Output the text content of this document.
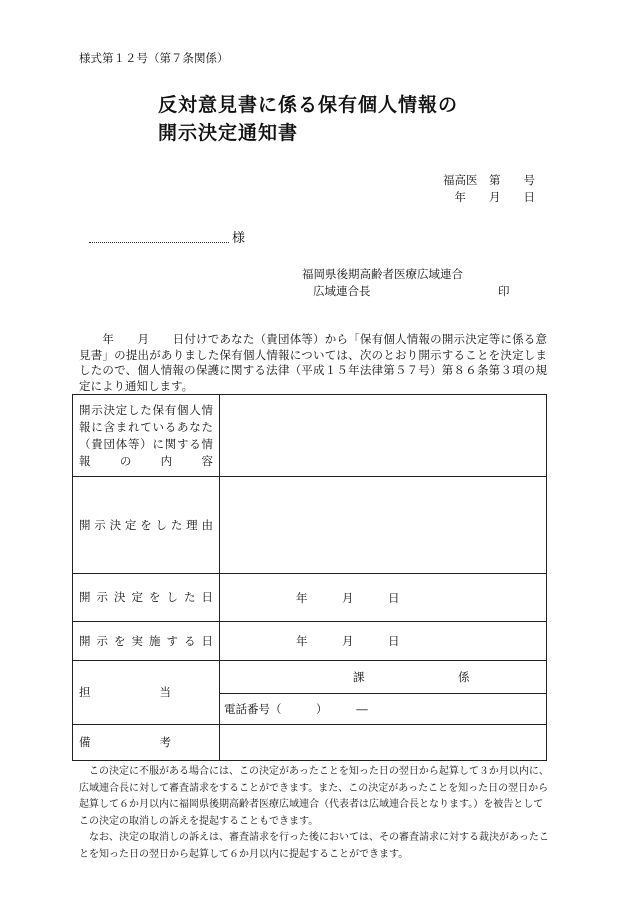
様式第１２号（第７条関係）
反対意見書に係る保有個人情報の
開示決定通知書
福高医　第　　号
年　　月　　日
様
福岡県後期高齢者医療広域連合
広域連合長	印
　　年　　月　　日付けであなた（貴団体等）から「保有個人情報の開示決定等に係る意見書」の提出がありました保有個人情報については、次のとおり開示することを決定しましたので、個人情報の保護に関する法律（平成１５年法律第５７号）第８６条第３項の規定により通知します。
開示決定した保有個人情報に含まれているあなた（貴団体等）に関する情報の内容	
開示決定をした理由	
開示決定をした日	年　　　月　　　日
開示を実施する日	年　　　月　　　日
担　　　　　　当	課 係
電話番号（　　　）　　　―

備　　　　　　考	

この決定に不服がある場合には、この決定があったことを知った日の翌日から起算して３か月以内に、広域連合長に対して審査請求をすることができます。また、この決定があったことを知った日の翌日から起算して６か月以内に福岡県後期高齢者医療広域連合（代表者は広域連合長となります。）を被告としてこの決定の取消しの訴えを提起することもできます。

なお、決定の取消しの訴えは、審査請求を行った後においては、その審査請求に対する裁決があったことを知った日の翌日から起算して６か月以内に提起することができます。
